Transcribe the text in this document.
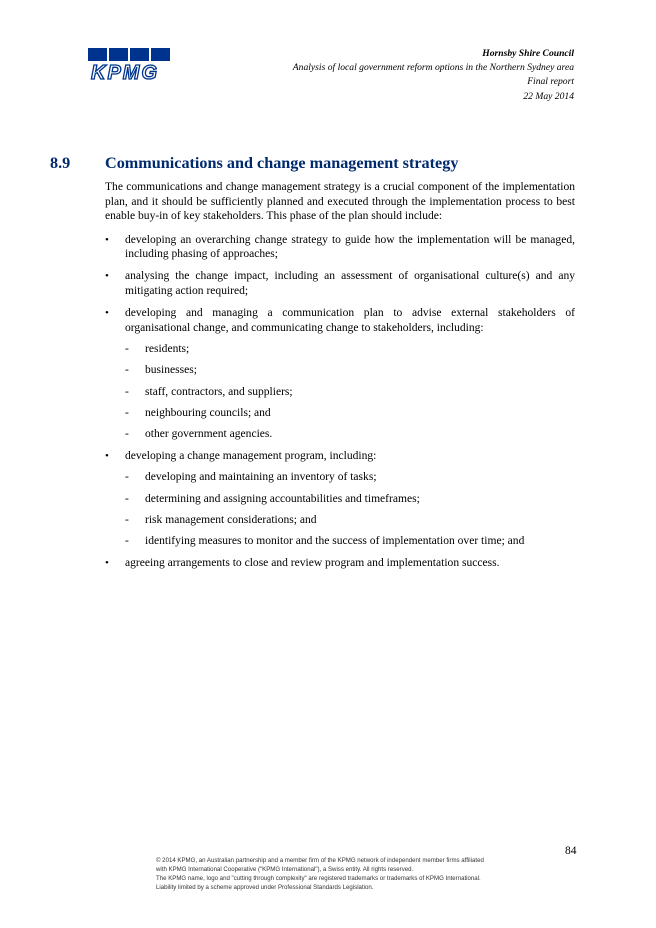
KPMG
Hornsby Shire Council
Analysis of local government reform options in the Northern Sydney area
Final report
22 May 2014
8.9 Communications and change management strategy

The communications and change management strategy is a crucial component of the implementation plan, and it should be sufficiently planned and executed through the implementation process to best enable buy-in of key stakeholders. This phase of the plan should include:

• developing an overarching change strategy to guide how the implementation will be managed, including phasing of approaches;
• analysing the change impact, including an assessment of organisational culture(s) and any mitigating action required;
• developing and managing a communication plan to advise external stakeholders of organisational change, and communicating change to stakeholders, including:
- residents;
- businesses;
- staff, contractors, and suppliers;
- neighbouring councils; and
- other government agencies.
• developing a change management program, including:
- developing and maintaining an inventory of tasks;
- determining and assigning accountabilities and timeframes;
- risk management considerations; and
- identifying measures to monitor and the success of implementation over time; and
• agreeing arrangements to close and review program and implementation success.
84
© 2014 KPMG, an Australian partnership and a member firm of the KPMG network of independent member firms affiliated
with KPMG International Cooperative ("KPMG International"), a Swiss entity. All rights reserved.
The KPMG name, logo and "cutting through complexity" are registered trademarks or trademarks of KPMG International.
Liability limited by a scheme approved under Professional Standards Legislation.
